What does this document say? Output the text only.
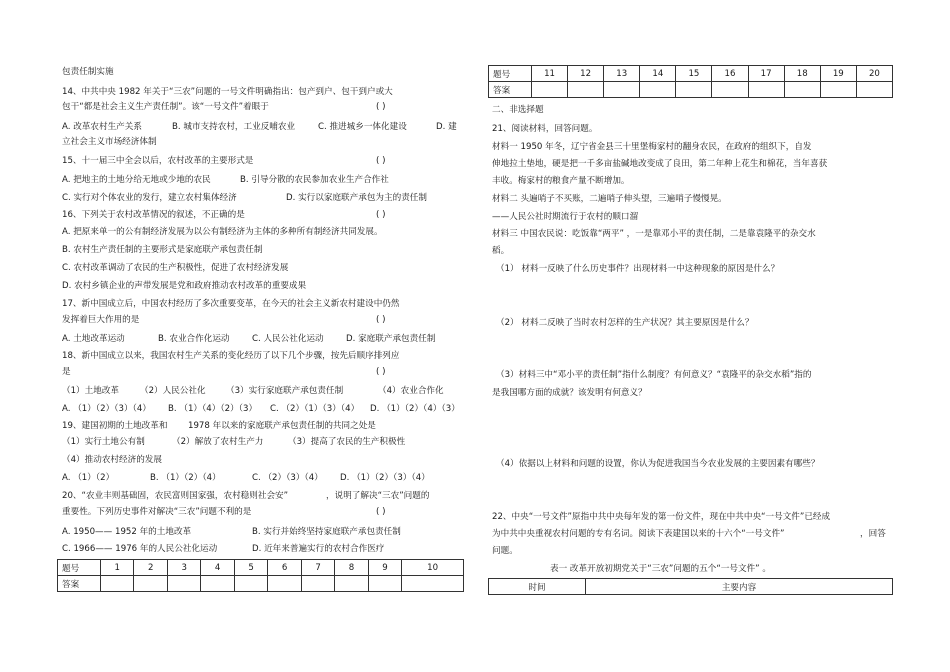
包责任制实施
14、中共中央 1982 年关于“三农”问题的一号文件明确指出：包产到户、包干到户或大
包干“都是社会主义生产责任制”。该“一号文件”着眼于	( )
A. 改革农村生产关系	B. 城市支持农村，工业反哺农业	C. 推进城乡一体化建设	D. 建
立社会主义市场经济体制
15、十一届三中全会以后，农村改革的主要形式是	( )
A. 把地主的土地分给无地或少地的农民	B. 引导分散的农民参加农业生产合作社
C. 实行对个体农业的发行，建立农村集体经济	D. 实行以家庭联产承包为主的责任制
16、下列关于农村改革情况的叙述，不正确的是	( )
A. 把原来单一的公有制经济发展为以公有制经济为主体的多种所有制经济共同发展。
B. 农村生产责任制的主要形式是家庭联产承包责任制
C. 农村改革调动了农民的生产积极性，促进了农村经济发展
D. 农村乡镇企业的声带发展是党和政府推动农村改革的重要成果
17、新中国成立后，中国农村经历了多次重要变革，在今天的社会主义新农村建设中仍然
发挥着巨大作用的是	( )
A. 土地改革运动	B. 农业合作化运动	C. 人民公社化运动	D. 家庭联产承包责任制
18、新中国成立以来，我国农村生产关系的变化经历了以下几个步骤，按先后顺序排列应
是	( )
（1）土地改革 （2）人民公社化 （3）实行家庭联产承包责任制	（4）农业合作化
A. （1）（2）（3）（4） B. （1）（4）（2）（3） C. （2）（1）（3）（4） D. （1）（2）（4）（3）
19、建国初期的土地改革和 1978 年以来的家庭联产承包责任制的共同之处是
（1）实行土地公有制	（2）解放了农村生产力	（3）提高了农民的生产积极性
（4）推动农村经济的发展
A. （1）（2）	B. （1）（2）（4）	C. （2）（3）（4） D. （1）（2）（3）（4）
20、“农业丰则基础固，农民富则国家强，农村稳则社会安”	，说明了解决“三农”问题的
重要性。下列历史事件对解决“三农”问题不利的是	( )
A. 1950—— 1952 年的土地改革	B. 实行并始终坚持家庭联产承包责任制
C. 1966—— 1976 年的人民公社化运动	D. 近年来普遍实行的农村合作医疗
题号	1	2	3	4	5	6	7	8	9	10
答案										
题号	11	12	13	14	15	16	17	18	19	20
答案										
二、非选择题
21、阅读材料，回答问题。
材料一 1950 年冬，辽宁省金县三十里堡梅家村的翻身农民，在政府的组织下，自发
伸地拉土垫地，硬是把一千多亩盐碱地改变成了良田，第二年种上花生和棉花，当年喜获
丰收。梅家村的粮食产量不断增加。
材料二 头遍哨子不买账，二遍哨子伸头望，三遍哨子慢慢晃。
——人民公社时期流行于农村的顺口溜
材料三 中国农民说：吃饭靠“两平” ，一是靠邓小平的责任制，二是靠袁隆平的杂交水
稻。
（1） 材料一反映了什么历史事件？出现材料一中这种现象的原因是什么？
（2） 材料二反映了当时农村怎样的生产状况？其主要原因是什么？
（3）材料三中“邓小平的责任制”指什么制度？有何意义？“袁隆平的杂交水稻”指的
是我国哪方面的成就？该发明有何意义？
（4）依据以上材料和问题的设置，你认为促进我国当今农业发展的主要因素有哪些？
22、中央“一号文件”原指中共中央每年发的第一份文件，现在中共中央“一号文件”已经成
为中共中央重视农村问题的专有名词。阅读下表建国以来的十六个“一号文件”	，回答
问题。
表一 改革开放初期党关于“三农”问题的五个“一号文件” 。
时间	主要内容
